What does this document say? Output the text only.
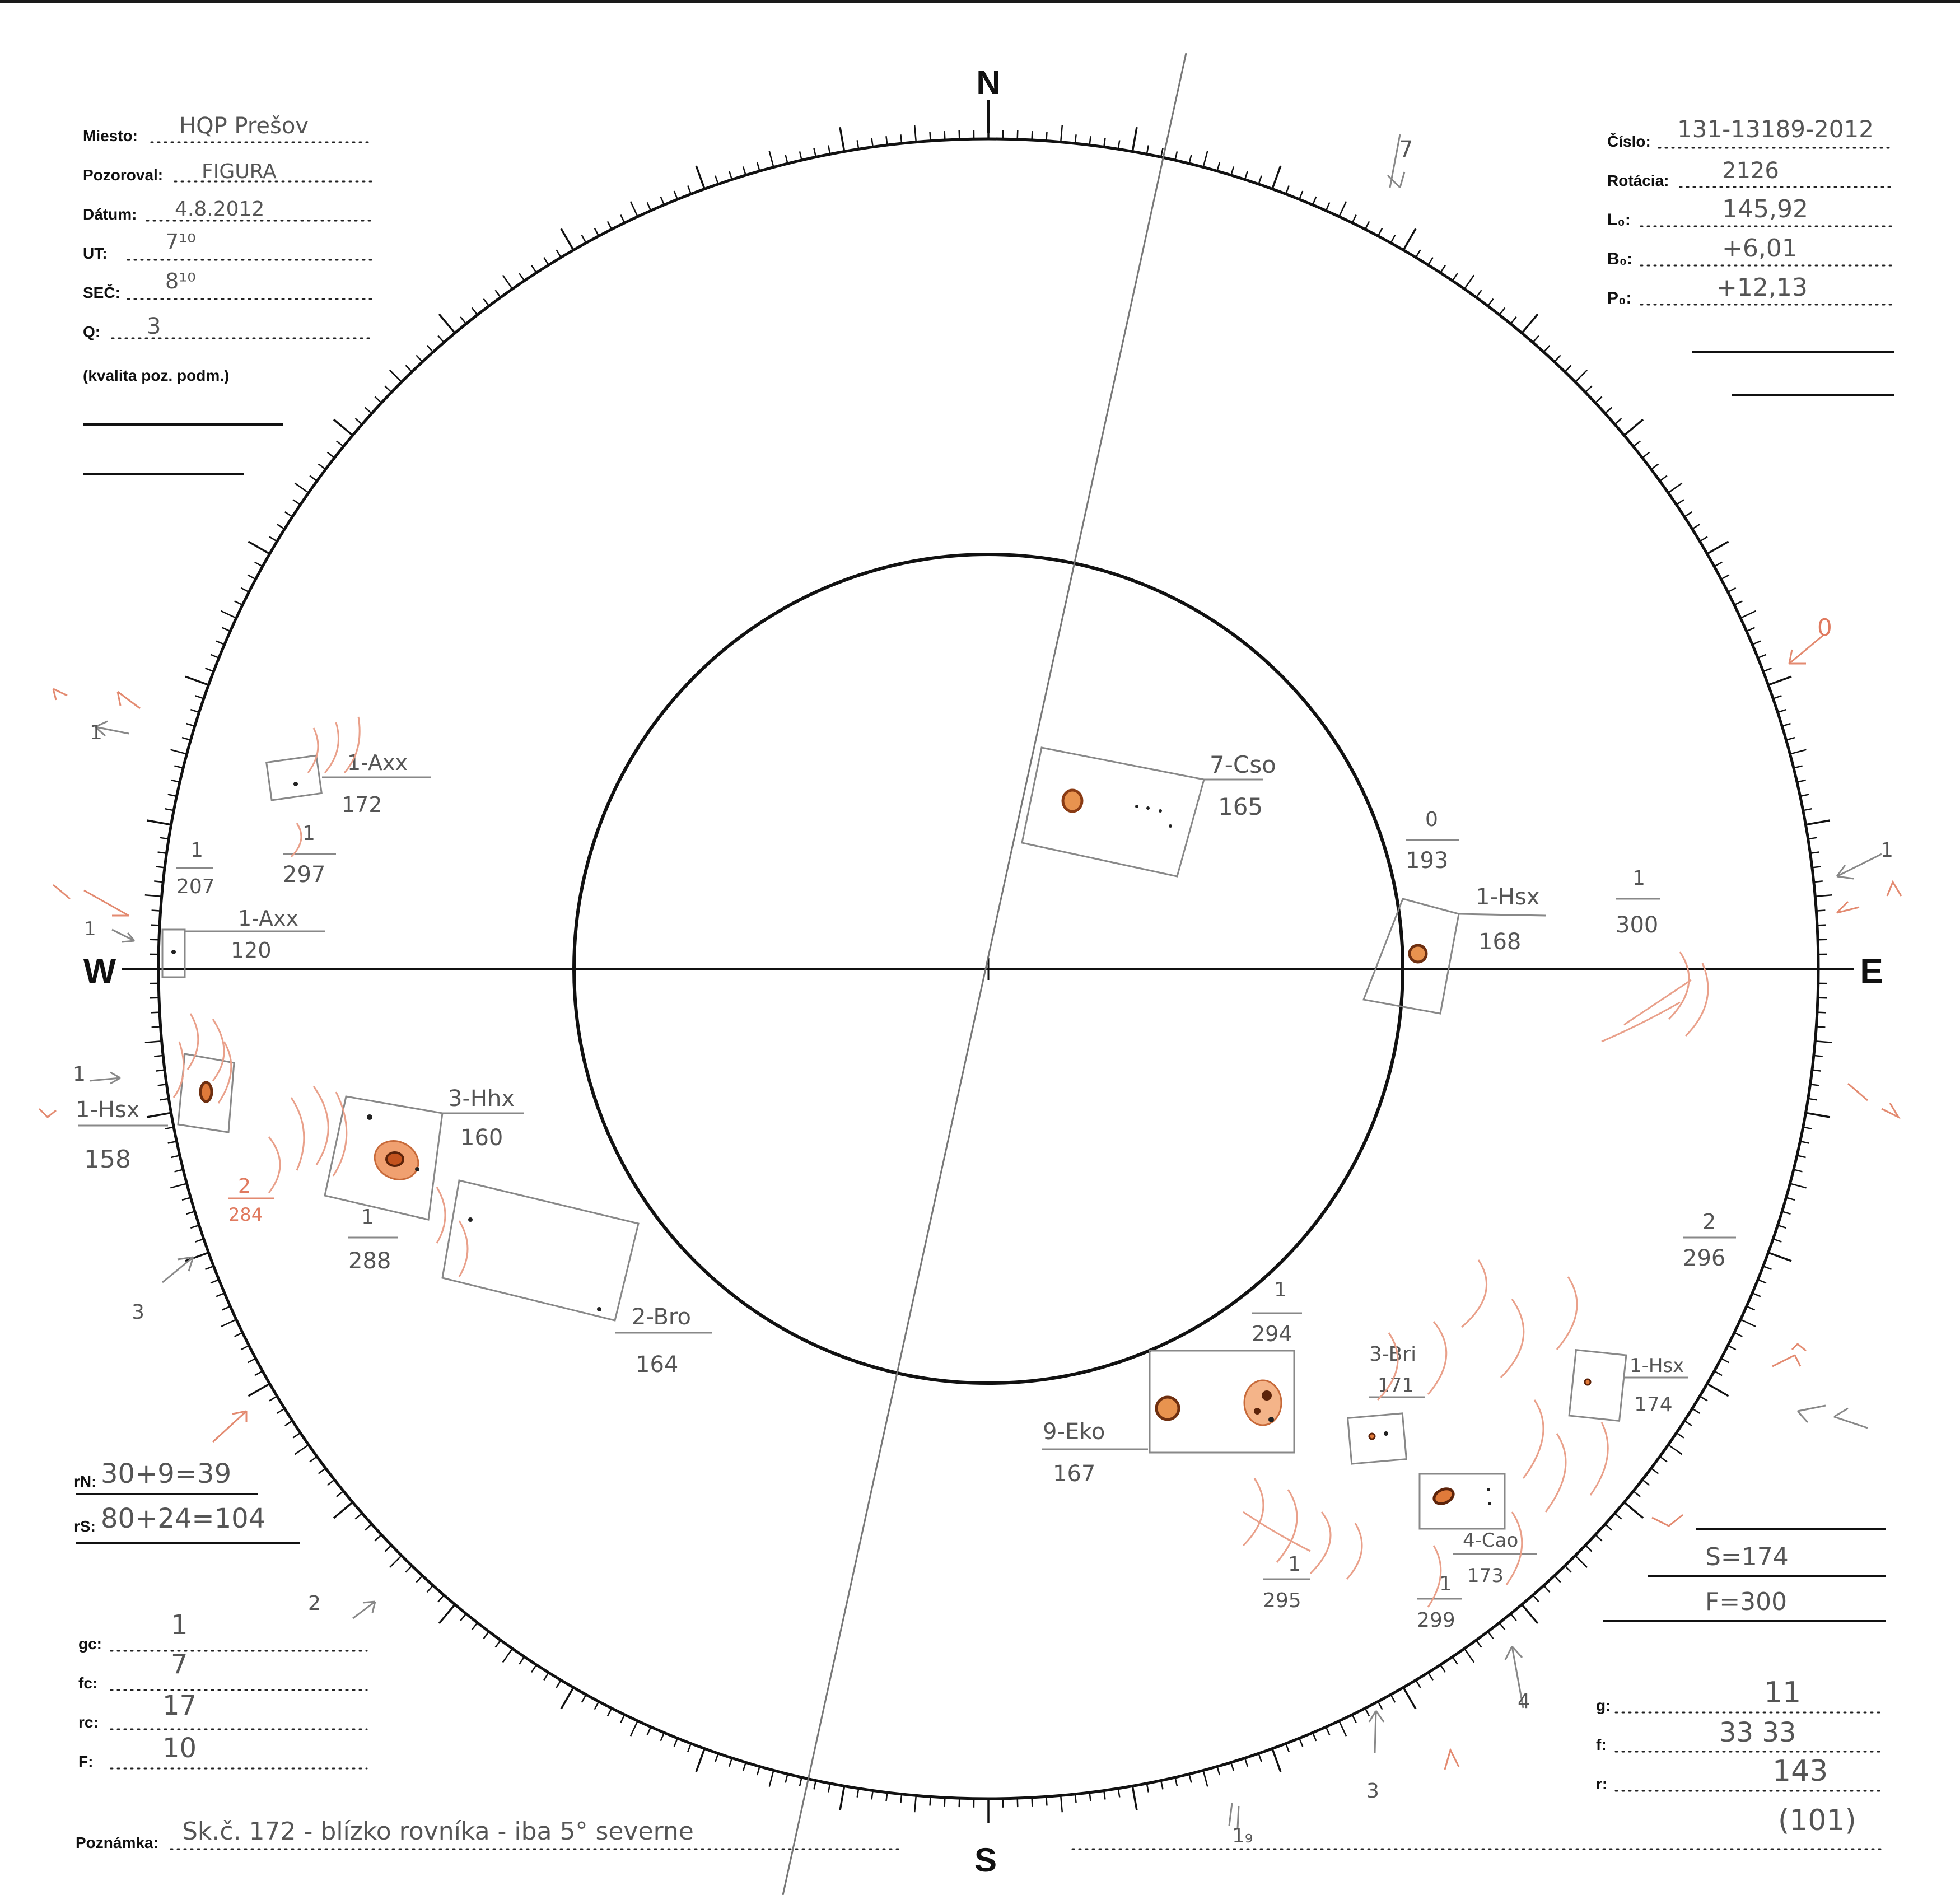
N
S
E
W
Miesto: HQP Prešov
Pozoroval: FIGURA
Dátum: 4.8.2012
UT:	7¹⁰
SEČ: 8¹⁰
Q: 3
(kvalita poz. podm.)
Číslo: 131-13189-2012
Rotácia: 2126
L₀:	145,92
B₀:	+6,01
P₀:	+12,13
7-Cso
165
1-Hsx
168
1-Axx
172
1-Axx
120
1-Hsx
158
3-Hhx
160
2-Bro
164
9-Eko
167
3-Bri
171
4-Cao
173
1-Hsx
174
0
193
1
297
1
207	1
300
2
284	1
288
1
294
2
296
1
295
1
299
7
0
1
1
1
1
3
2
4
3
1₉
rN: 30+9=39
rS: 80+24=104
gc:
1
fc:
7
rc:
17
F:	10
S=174
F=300
g:	11
f:	33 33
r:	143
(101)
Poznámka: Sk.č. 172 - blízko rovníka - iba 5° severne
